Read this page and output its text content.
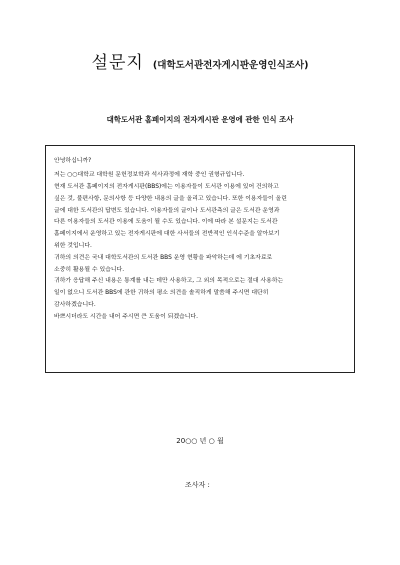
설문지 (대학도서관전자게시판운영인식조사)
대학도서관 홈페이지의 전자게시판 운영에 관한 인식 조사
안녕하십니까?
저는 ○○대학교 대학원 문헌정보학과 석사과정에 재학 중인 권형규입니다.
현재 도서관 홈페이지의 전자게시판(BBS)에는 이용자들이 도서관 이용에 있어 건의하고
싶은 것, 불편사항, 문의사항 등 다양한 내용의 글을 올리고 있습니다. 또한 이용자들이 올린
글에 대한 도서관의 답변도 있습니다. 이용자들의 글이나 도서관측의 글은 도서관 운영과
다른 이용자들의 도서관 이용에 도움이 될 수도 있습니다. 이에 따라 본 설문지는 도서관
홈페이지에서 운영하고 있는 전자게시판에 대한 사서들의 전반적인 인식수준을 알아보기
위한 것입니다.
귀하의 의견은 국내 대학도서관의 도서관 BBS 운영 현황을 파악하는데 에 기초자료로
소중히 활용될 수 있습니다.
귀하가 응답해 주신 내용은 통계를 내는 데만 사용하고, 그 외의 목적으로는 절대 사용하는
일이 없으니 도서관 BBS에 관한 귀하의 평소 의견을 솔직하게 말씀해 주시면 대단히
감사하겠습니다.
바쁘시더라도 시간을 내어 주시면 큰 도움이 되겠습니다.
20○○ 년 ○ 월
조사자 :
